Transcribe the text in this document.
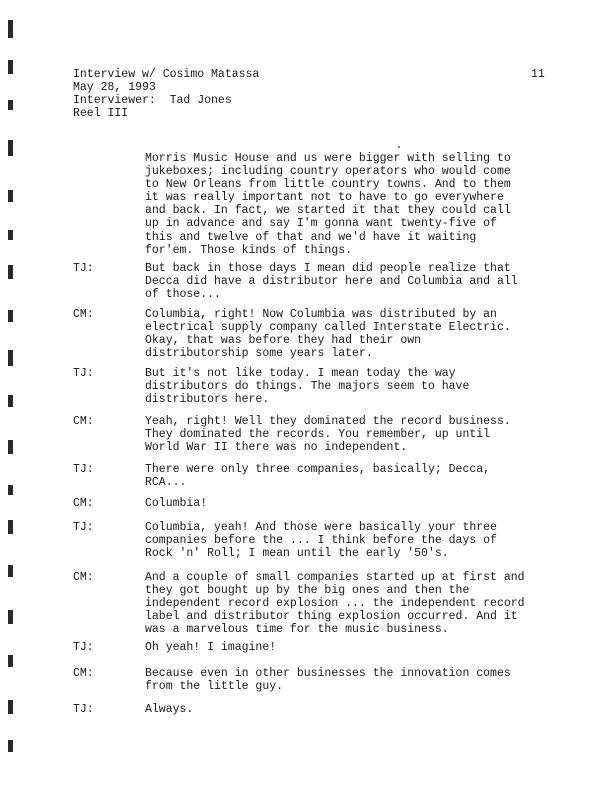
Interview w/ Cosimo Matassa
May 28, 1993
Interviewer:  Tad Jones
Reel III
11
Morris Music House and us were bigger with selling to
jukeboxes; including country operators who would come
to New Orleans from little country towns. And to them
it was really important not to have to go everywhere
and back. In fact, we started it that they could call
up in advance and say I'm gonna want twenty-five of
this and twelve of that and we'd have it waiting
for'em. Those kinds of things.
TJ:	But back in those days I mean did people realize that
Decca did have a distributor here and Columbia and all
of those...
CM:	Columbia, right! Now Columbia was distributed by an
electrical supply company called Interstate Electric.
Okay, that was before they had their own
distributorship some years later.
TJ:	But it's not like today. I mean today the way
distributors do things. The majors seem to have
distributors here.
CM:	Yeah, right! Well they dominated the record business.
They dominated the records. You remember, up until
World War II there was no independent.
TJ:	There were only three companies, basically; Decca,
RCA...
CM:	Columbia!
TJ:	Columbia, yeah! And those were basically your three
companies before the ... I think before the days of
Rock 'n' Roll; I mean until the early '50's.
CM:	And a couple of small companies started up at first and
they got bought up by the big ones and then the
independent record explosion ... the independent record
label and distributor thing explosion occurred. And it
was a marvelous time for the music business.
TJ:	Oh yeah! I imagine!
CM:	Because even in other businesses the innovation comes
from the little guy.
TJ:	Always.
